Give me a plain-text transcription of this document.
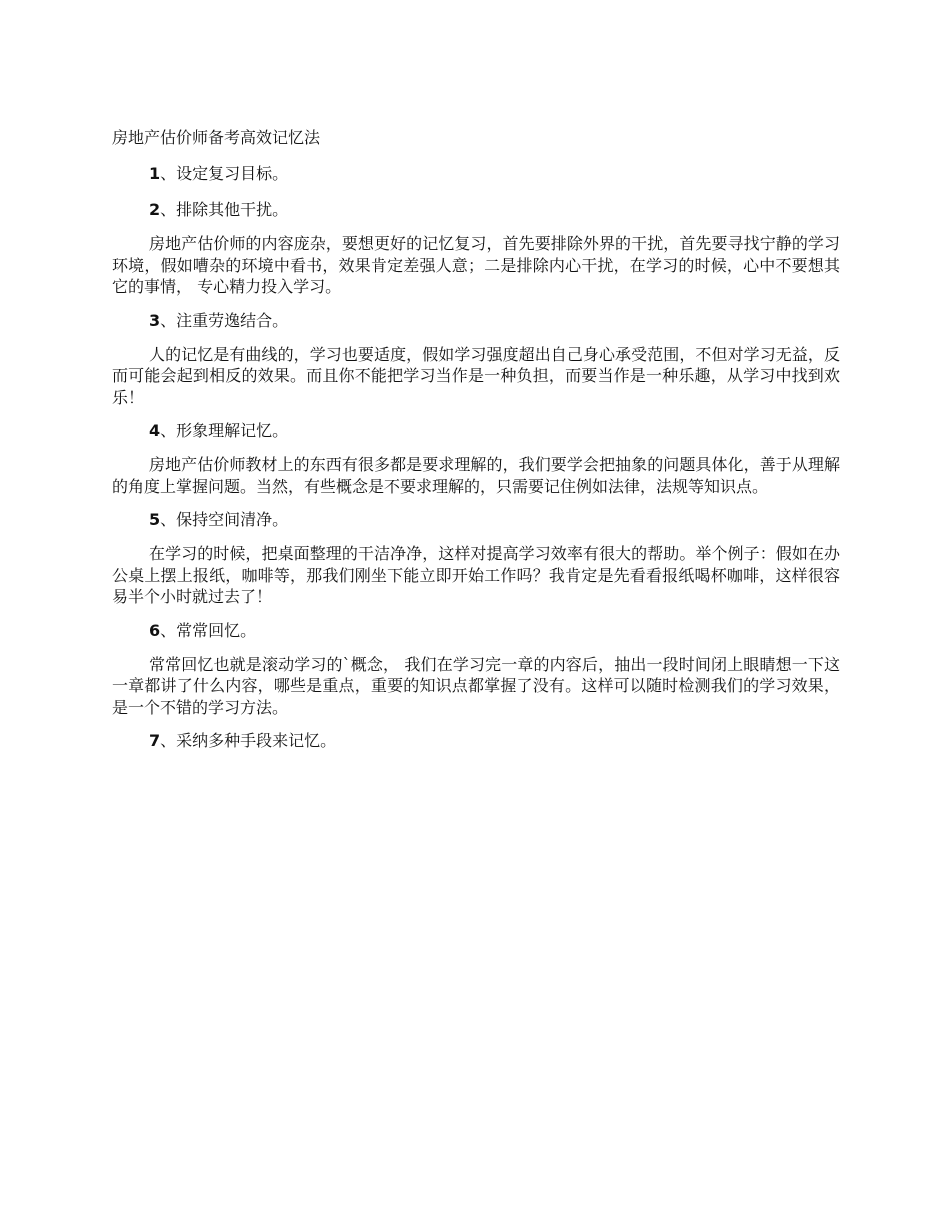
房地产估价师备考高效记忆法
1、设定复习目标。
2、排除其他干扰。

房地产估价师的内容庞杂，要想更好的记忆复习，首先要排除外界的干扰，首先要寻找宁静的学习环境，假如嘈杂的环境中看书，效果肯定差强人意；二是排除内心干扰，在学习的时候，心中不要想其它的事情， 专心精力投入学习。

3、注重劳逸结合。

人的记忆是有曲线的，学习也要适度，假如学习强度超出自己身心承受范围，不但对学习无益，反而可能会起到相反的效果。而且你不能把学习当作是一种负担，而要当作是一种乐趣，从学习中找到欢乐！

4、形象理解记忆。

房地产估价师教材上的东西有很多都是要求理解的，我们要学会把抽象的问题具体化，善于从理解的角度上掌握问题。当然，有些概念是不要求理解的，只需要记住例如法律，法规等知识点。

5、保持空间清净。

在学习的时候，把桌面整理的干洁净净，这样对提高学习效率有很大的帮助。举个例子：假如在办公桌上摆上报纸，咖啡等，那我们刚坐下能立即开始工作吗？我肯定是先看看报纸喝杯咖啡，这样很容易半个小时就过去了！

6、常常回忆。

常常回忆也就是滚动学习的`概念， 我们在学习完一章的内容后，抽出一段时间闭上眼睛想一下这一章都讲了什么内容，哪些是重点，重要的知识点都掌握了没有。这样可以随时检测我们的学习效果，是一个不错的学习方法。

7、采纳多种手段来记忆。
